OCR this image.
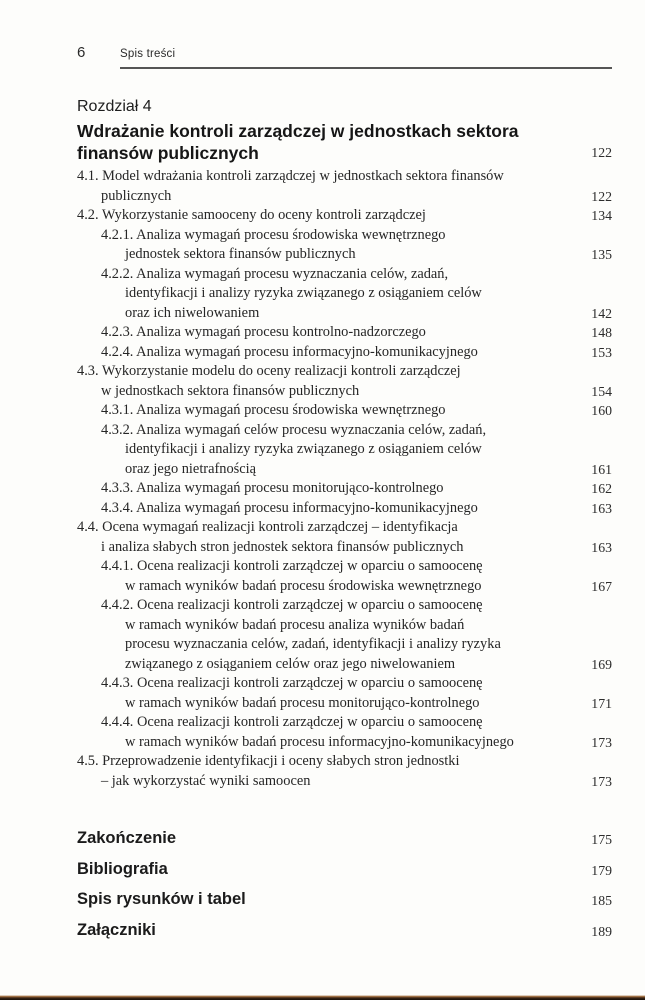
6	Spis treści
Rozdział 4
Wdrażanie kontroli zarządczej w jednostkach sektora
finansów publicznych	122
4.1. Model wdrażania kontroli zarządczej w jednostkach sektora finansów
publicznych	122
4.2. Wykorzystanie samooceny do oceny kontroli zarządczej	134
4.2.1. Analiza wymagań procesu środowiska wewnętrznego
jednostek sektora finansów publicznych	135
4.2.2. Analiza wymagań procesu wyznaczania celów, zadań,
identyfikacji i analizy ryzyka związanego z osiąganiem celów
oraz ich niwelowaniem	142
4.2.3. Analiza wymagań procesu kontrolno-nadzorczego	148
4.2.4. Analiza wymagań procesu informacyjno-komunikacyjnego	153
4.3. Wykorzystanie modelu do oceny realizacji kontroli zarządczej
w jednostkach sektora finansów publicznych	154
4.3.1. Analiza wymagań procesu środowiska wewnętrznego	160
4.3.2. Analiza wymagań celów procesu wyznaczania celów, zadań,
identyfikacji i analizy ryzyka związanego z osiąganiem celów
oraz jego nietrafnością	161
4.3.3. Analiza wymagań procesu monitorująco-kontrolnego	162
4.3.4. Analiza wymagań procesu informacyjno-komunikacyjnego	163
4.4. Ocena wymagań realizacji kontroli zarządczej – identyfikacja
i analiza słabych stron jednostek sektora finansów publicznych	163
4.4.1. Ocena realizacji kontroli zarządczej w oparciu o samoocenę
w ramach wyników badań procesu środowiska wewnętrznego	167
4.4.2. Ocena realizacji kontroli zarządczej w oparciu o samoocenę
w ramach wyników badań procesu analiza wyników badań
procesu wyznaczania celów, zadań, identyfikacji i analizy ryzyka
związanego z osiąganiem celów oraz jego niwelowaniem	169
4.4.3. Ocena realizacji kontroli zarządczej w oparciu o samoocenę
w ramach wyników badań procesu monitorująco-kontrolnego	171
4.4.4. Ocena realizacji kontroli zarządczej w oparciu o samoocenę
w ramach wyników badań procesu informacyjno-komunikacyjnego	173
4.5. Przeprowadzenie identyfikacji i oceny słabych stron jednostki
– jak wykorzystać wyniki samoocen	173
Zakończenie	175
Bibliografia	179
Spis rysunków i tabel	185
Załączniki	189
